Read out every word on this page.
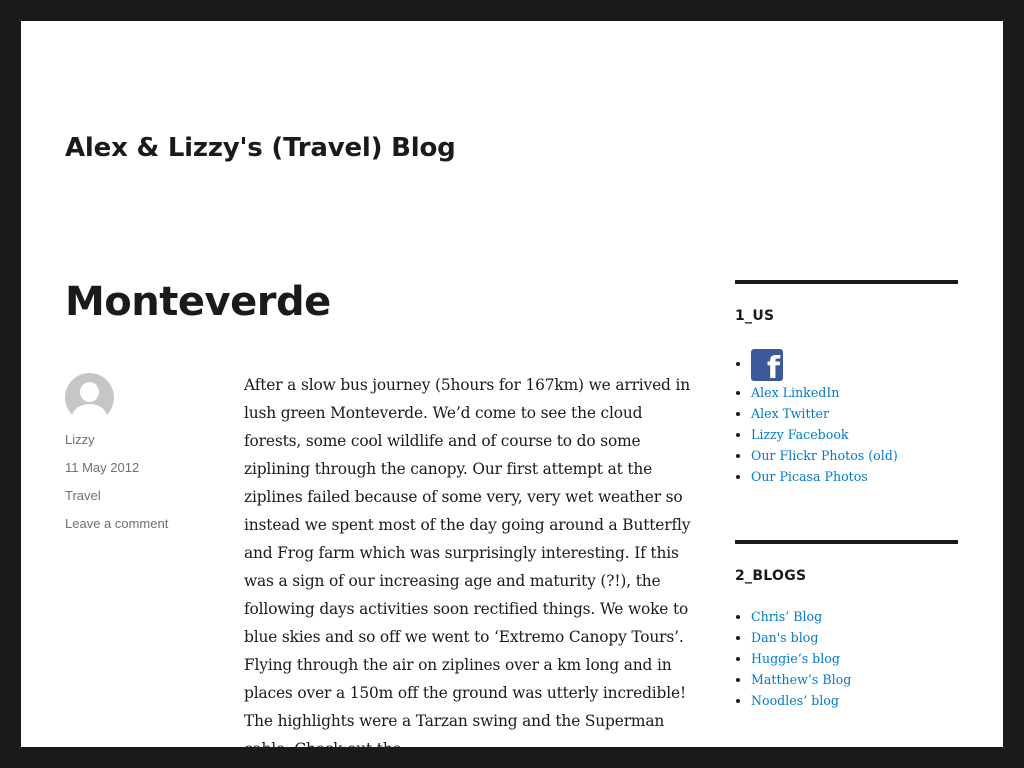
Alex & Lizzy's (Travel) Blog
Monteverde
Lizzy
11 May 2012
Travel
Leave a comment

After a slow bus journey (5hours for 167km) we arrived in lush green Monteverde. We’d come to see the cloud forests, some cool wildlife and of course to do some ziplining through the canopy. Our first attempt at the ziplines failed because of some very, very wet weather so instead we spent most of the day going around a Butterfly and Frog farm which was surprisingly interesting. If this was a sign of our increasing age and maturity (?!), the following days activities soon rectified things. We woke to blue skies and so off we went to ‘Extremo Canopy Tours’. Flying through the air on ziplines over a km long and in places over a 150m off the ground was utterly incredible! The highlights were a Tarzan swing and the Superman cable. Check out the

1_US
• f
• Alex LinkedIn
• Alex Twitter
• Lizzy Facebook
• Our Flickr Photos (old)
• Our Picasa Photos
2_BLOGS
• Chris’ Blog
• Dan's blog
• Huggie’s blog
• Matthew’s Blog
• Noodles’ blog
